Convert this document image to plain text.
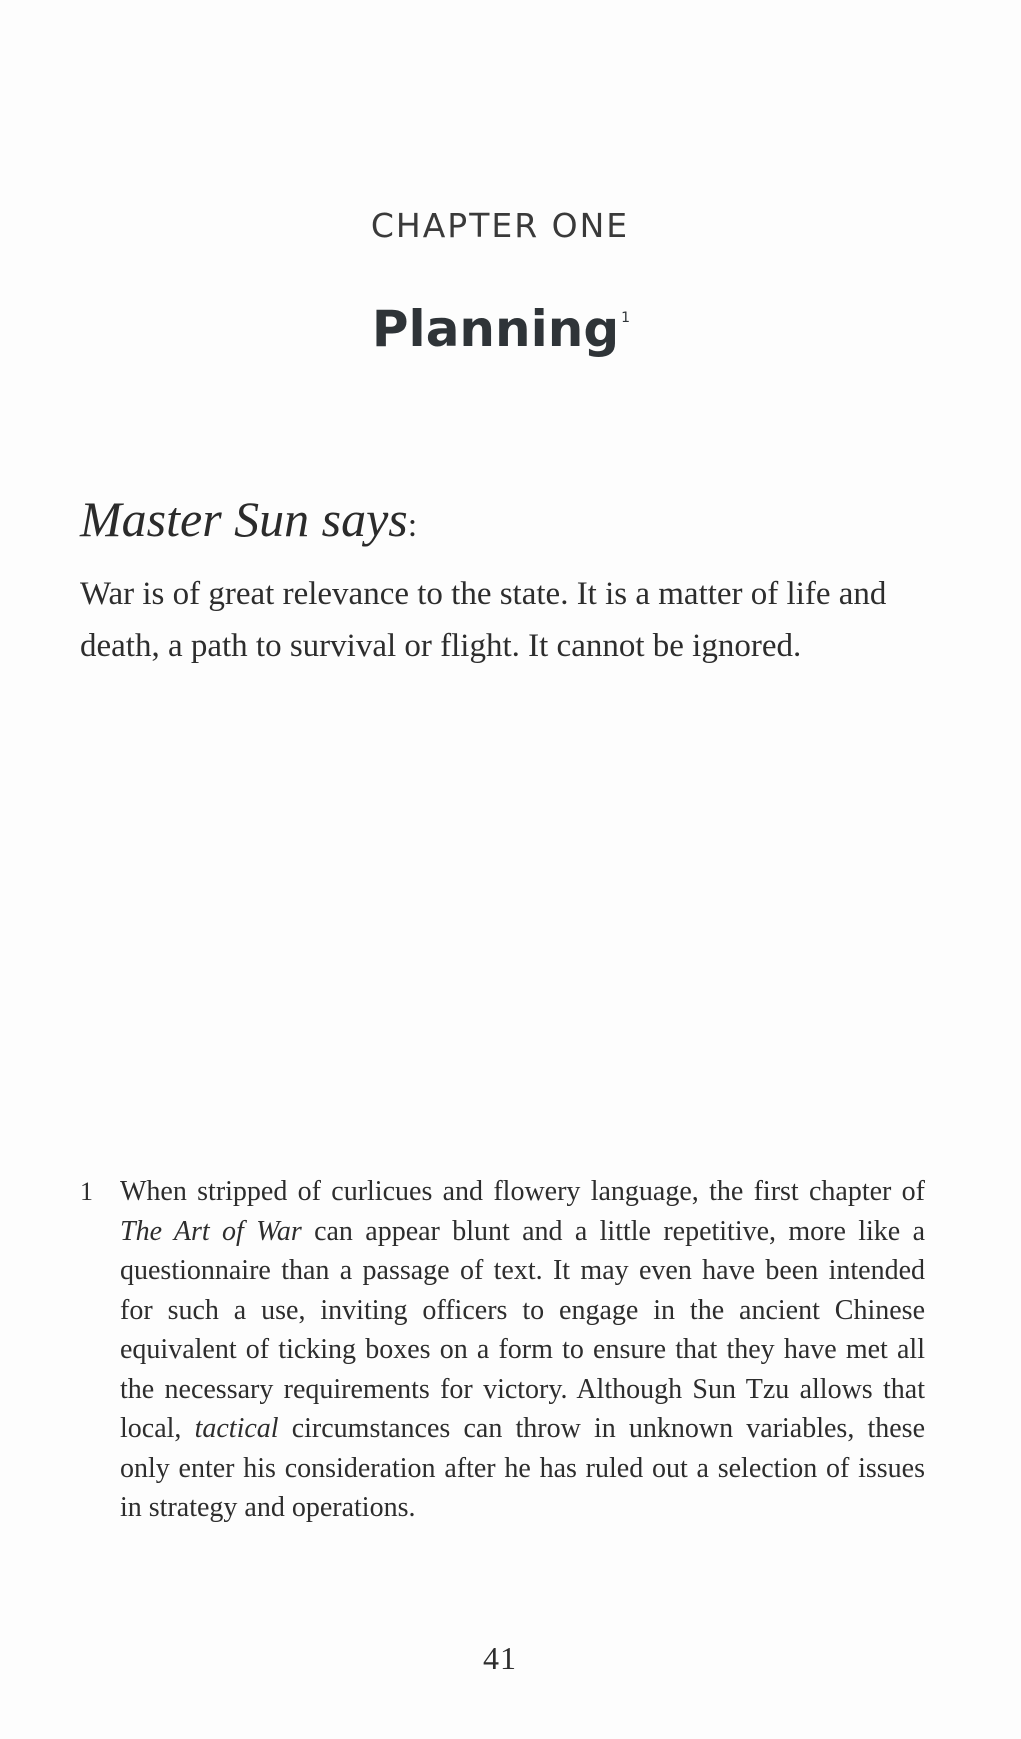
CHAPTER ONE
Planning $^1$
Master Sun says:

War is of great relevance to the state. It is a matter of life and death, a path to survival or flight. It cannot be ignored.

1 When stripped of curlicues and flowery language, the first chapter of The Art of War can appear blunt and a little repetitive, more like a questionnaire than a passage of text. It may even have been intended for such a use, inviting officers to engage in the ancient Chinese equivalent of ticking boxes on a form to ensure that they have met all the necessary requirements for victory. Although Sun Tzu allows that local, tactical circumstances can throw in unknown variables, these only enter his consideration after he has ruled out a selection of issues in strategy and operations.
41
